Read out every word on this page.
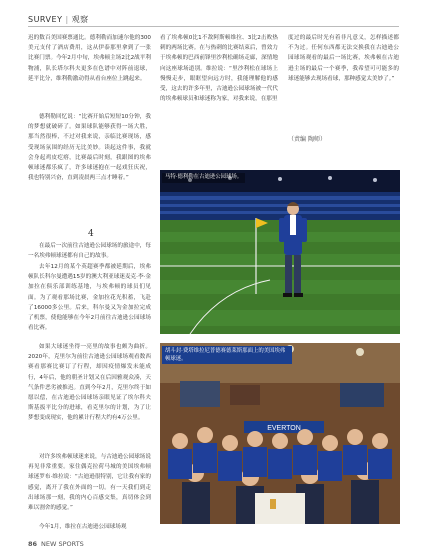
SURVEY | 观察

迟的数百美国赛票通比。德利勒而加速尔他的300美元支付了酒店费用，这从伊泰那里拿到了一张比赛门票。今年2月中旬，埃弗顿主场2比2战平利物浦，队长塔尔科夫更多在色谱中对阵前退球，延平比分，维利勒激动得从看台座位上跳起来。

德利勒回忆说：“比赛开始后短短10分钟，我的梦想就破碎了。如果球队能够获得一场大胜，那当然很棒，不过对我来说，亲临比赛现场，感受现场氛围的经历无比美妙。读起这件事，我就会身起鸡皮疙瘩，比赛最后时刻，我跟图的埃弗顿球迷都乐疯了，许多球迷抱在一起戏狂庆祝，我也特别兴奋，直到凌晨两三点才睡着。”

4

在最后一次前往古迪逊公园球场的旅途中，每一名埃弗顿球迷都有自己的故事。

去年12月的某个英超赛季都被延期后，埃弗顿队长科尔曼遭遇15岁的澳大利亚球迷麦克·李·金加拉在俱乐部训练基地，与埃弗顿的球员们见面。为了观看那场比赛，金加拉花光积蓄，飞赴了16000多公里。后来，科尔曼又为金加拉完成了机票，使他能够在今年2月前往古迪逊公园球场看比赛。

如果大球迷坐得一亮里的故事也颇为曲折。2020年，克里尔为前往古迪逊公园球场观看数西赛看那赛比赛订了行程，却因疫情爆发未能成行，4年后，他的朝圣计划又在后因雅观众凑，天气条件恶劣被推迟。直到今年2月，克里尔终于如愿以偿，在古迪逊公园球场亲眼见证了埃尔科夫斯基扳平比分的进球，看克里尔的计划，为了让梦想变成现实，他的累计行程大约有4万公里。

对许多埃弗顿球迷来说，与古迪逊公园球场说再见非常重要。家住偶克拉荷马城的美国埃弗顿球迷罗布·维拉说：“古迪逊很特别，它让我有家的感觉，离开了我在外面的一切。有一天我们到走出球场那一刻，我的内心百感交集，真切体会到难以割舍的感觉。”

今年1月，维拉在古迪逊公园球场观

看了埃弗顿0比1不敌阿斯顿维拉、3比2击败热刺的两场比赛。在与热刺的比赛结束后，曾效力于埃弗顿的巴西前锋里沙利松确场走廊，深情地向这座球场道别。维拉说：“里沙利松在球场上慢慢走步，眼眶望向远方时，我能理解他的感受，这去的许多年里，古迪逊公园球场被一代代的埃弗顿球员和球迷称为家，对我来说，在那里

度过的最后时光有着非凡意义，怎样描述都不为过。任何东西都无法交换我在古迪逊公园球场观看的最后一场比赛，埃弗顿在古迪逊主场的最后一个赛季，我希望可可能多的球迷能够去现场看球，那种感觉太美妙了。”

（责编 陶师）
马特·德利勒在古迪逊公园球场。
EVERTON
胡斗封·费塔维拉尼普德赛德莱斯那面上的美国埃弗顿球迷。
86 NEW SPORTS
